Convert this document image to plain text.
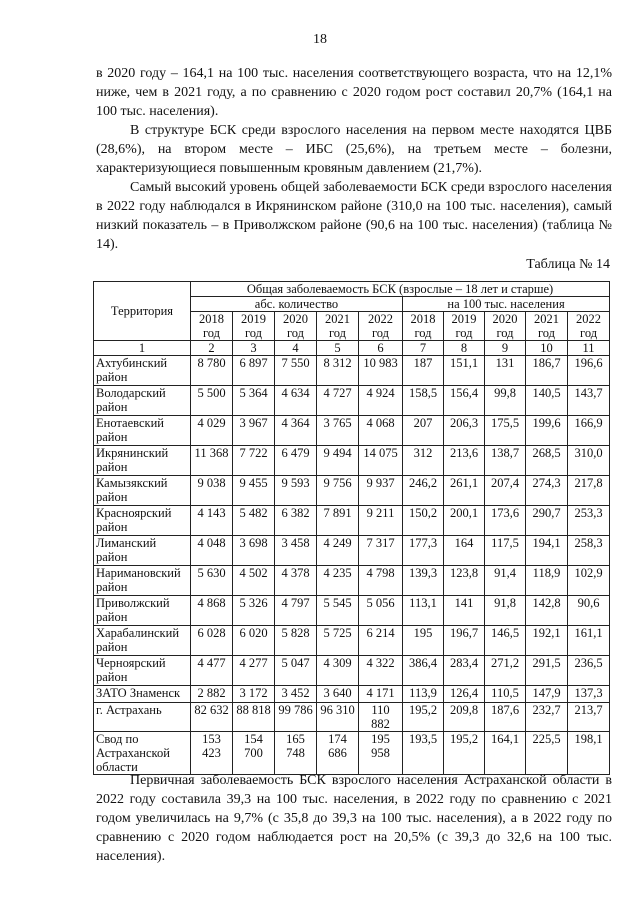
18

в 2020 году – 164,1 на 100 тыс. населения соответствующего возраста, что на 12,1% ниже, чем в 2021 году, а по сравнению с 2020 годом рост составил 20,7% (164,1 на 100 тыс. населения).

В структуре БСК среди взрослого населения на первом месте находятся ЦВБ (28,6%), на втором месте – ИБС (25,6%), на третьем месте – болезни, характеризующиеся повышенным кровяным давлением (21,7%).

Самый высокий уровень общей заболеваемости БСК среди взрослого населения в 2022 году наблюдался в Икрянинском районе (310,0 на 100 тыс. населения), самый низкий показатель – в Приволжском районе (90,6 на 100 тыс. населения) (таблица № 14).

Таблица № 14
Территория	Общая заболеваемость БСК (взрослые – 18 лет и старше)									
	абс. количество					на 100 тыс. населения				
	2018 год	2019 год	2020 год	2021 год	2022 год	2018 год	2019 год	2020 год	2021 год	2022 год
1	2	3	4	5	6	7	8	9	10	11
Ахтубинский район	8 780	6 897	7 550	8 312	10 983	187	151,1	131	186,7	196,6
Володарский район	5 500	5 364	4 634	4 727	4 924	158,5	156,4	99,8	140,5	143,7
Енотаевский район	4 029	3 967	4 364	3 765	4 068	207	206,3	175,5	199,6	166,9
Икрянинский район	11 368	7 722	6 479	9 494	14 075	312	213,6	138,7	268,5	310,0
Камызякский район	9 038	9 455	9 593	9 756	9 937	246,2	261,1	207,4	274,3	217,8
Красноярский район	4 143	5 482	6 382	7 891	9 211	150,2	200,1	173,6	290,7	253,3
Лиманский район	4 048	3 698	3 458	4 249	7 317	177,3	164	117,5	194,1	258,3
Наримановский район	5 630	4 502	4 378	4 235	4 798	139,3	123,8	91,4	118,9	102,9
Приволжский район	4 868	5 326	4 797	5 545	5 056	113,1	141	91,8	142,8	90,6
Харабалинский район	6 028	6 020	5 828	5 725	6 214	195	196,7	146,5	192,1	161,1
Черноярский район	4 477	4 277	5 047	4 309	4 322	386,4	283,4	271,2	291,5	236,5
ЗАТО Знаменск	2 882	3 172	3 452	3 640	4 171	113,9	126,4	110,5	147,9	137,3
г. Астрахань	82 632	88 818	99 786	96 310	110 882	195,2	209,8	187,6	232,7	213,7
Свод по Астраханской области	153 423	154 700	165 748	174 686	195 958	193,5	195,2	164,1	225,5	198,1

Первичная заболеваемость БСК взрослого населения Астраханской области в 2022 году составила 39,3 на 100 тыс. населения, в 2022 году по сравнению с 2021 годом увеличилась на 9,7% (с 35,8 до 39,3 на 100 тыс. населения), а в 2022 году по сравнению с 2020 годом наблюдается рост на 20,5% (с 39,3 до 32,6 на 100 тыс. населения).
